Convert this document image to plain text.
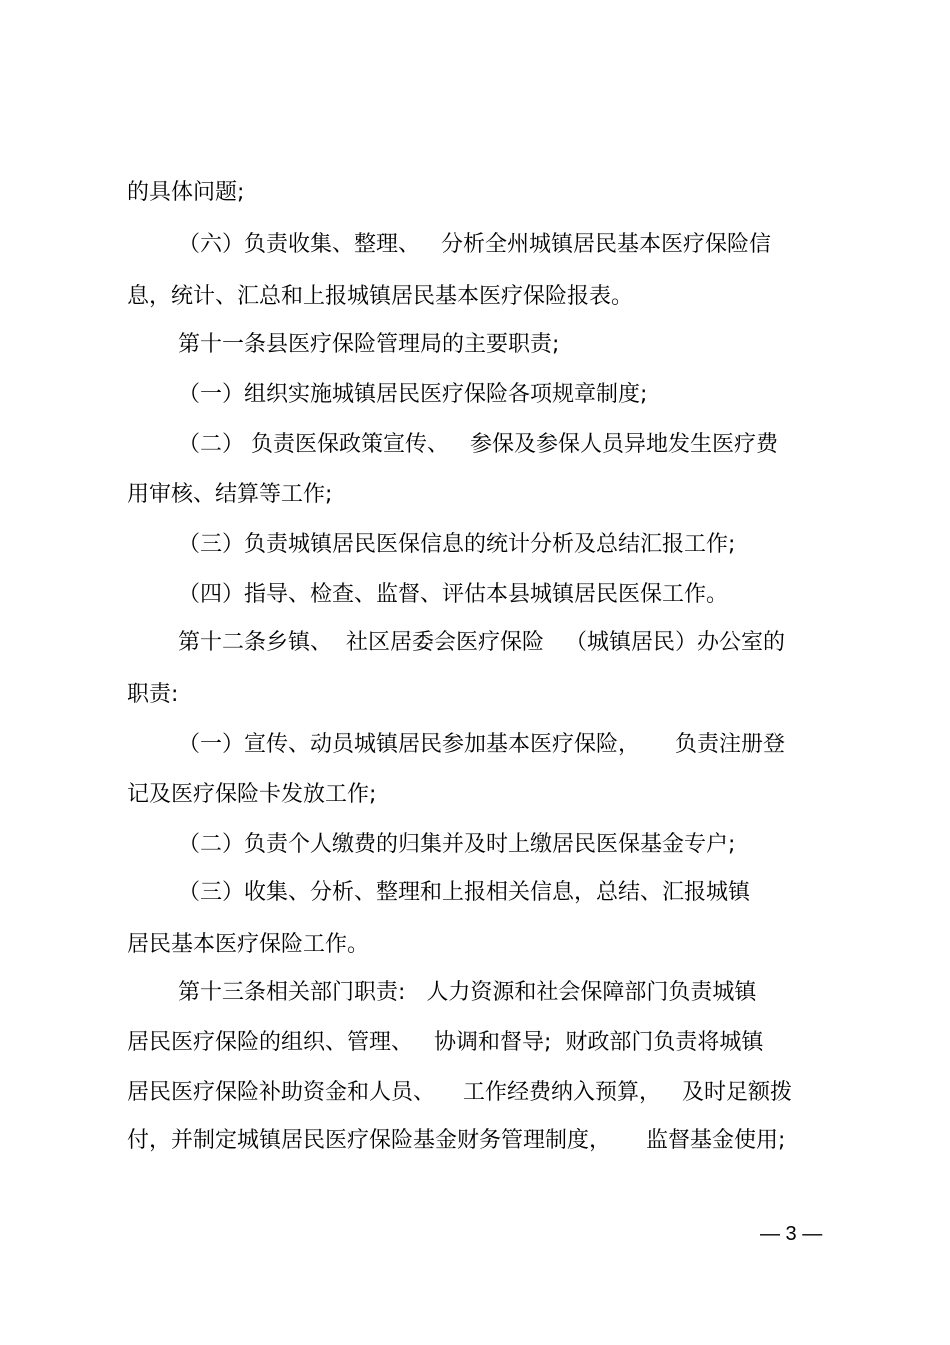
的具体问题;
（六）负责收集、整理、   分析全州城镇居民基本医疗保险信
息，统计、汇总和上报城镇居民基本医疗保险报表。
第十一条县医疗保险管理局的主要职责;
（一）组织实施城镇居民医疗保险各项规章制度;
（二） 负责医保政策宣传、   参保及参保人员异地发生医疗费
用审核、结算等工作;
（三）负责城镇居民医保信息的统计分析及总结汇报工作;
（四）指导、检查、监督、评估本县城镇居民医保工作。
第十二条乡镇、  社区居委会医疗保险   （城镇居民）办公室的
职责:
（一）宣传、动员城镇居民参加基本医疗保险，     负责注册登
记及医疗保险卡发放工作;
（二）负责个人缴费的归集并及时上缴居民医保基金专户;
（三）收集、分析、整理和上报相关信息，总结、汇报城镇
居民基本医疗保险工作。
第十三条相关部门职责:   人力资源和社会保障部门负责城镇
居民医疗保险的组织、管理、   协调和督导;  财政部门负责将城镇
居民医疗保险补助资金和人员、    工作经费纳入预算，   及时足额拨
付，并制定城镇居民医疗保险基金财务管理制度，     监督基金使用;
— 3 —
